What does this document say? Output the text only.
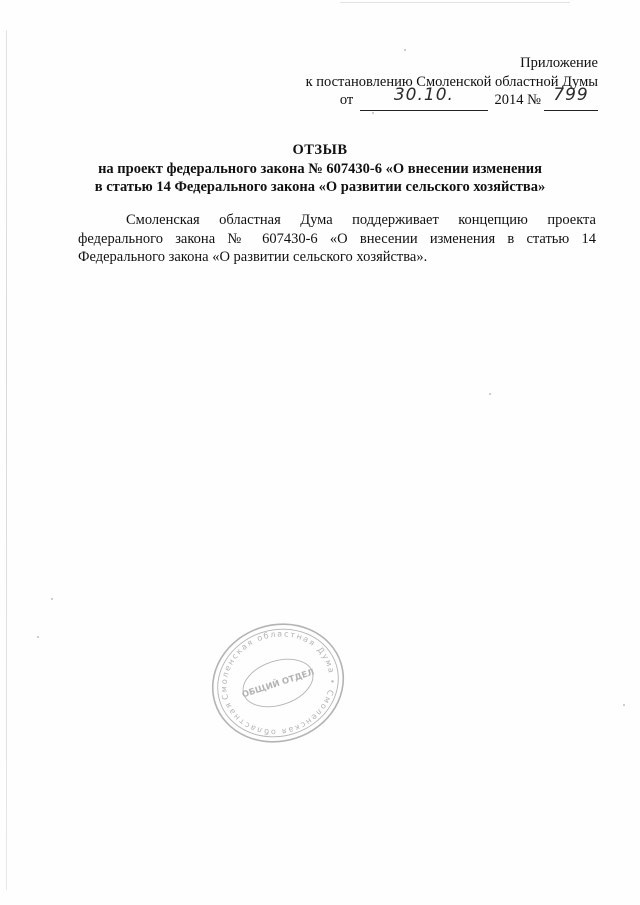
Приложение
к постановлению Смоленской областной Думы
от	30.10.	2014 № 799
ОТЗЫВ
на проект федерального закона № 607430-6 «О внесении изменения
в статью 14 Федерального закона «О развитии сельского хозяйства»
Смоленская областная Дума поддерживает концепцию проекта федерального закона № 607430-6 «О внесении изменения в статью 14 Федерального закона «О развитии сельского хозяйства».
Смоленская областная Дума • Смоленская областная
ОБЩИЙ ОТДЕЛ
